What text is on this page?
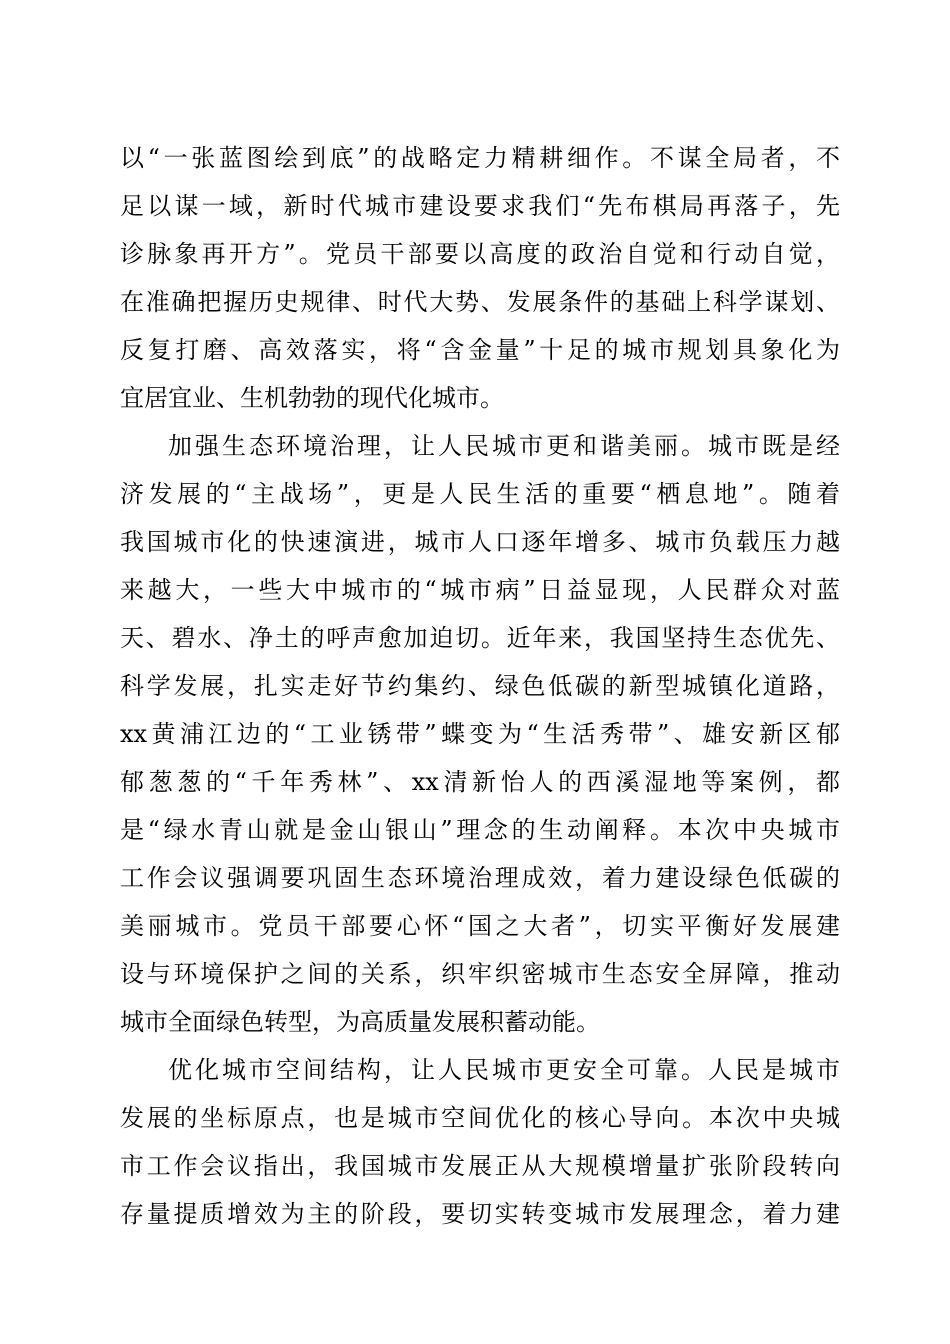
以“一张蓝图绘到底”的战略定力精耕细作。不谋全局者，不
足以谋一域，新时代城市建设要求我们“先布棋局再落子，先
诊脉象再开方”。党员干部要以高度的政治自觉和行动自觉，
在准确把握历史规律、时代大势、发展条件的基础上科学谋划、
反复打磨、高效落实，将“含金量”十足的城市规划具象化为
宜居宜业、生机勃勃的现代化城市。
加强生态环境治理，让人民城市更和谐美丽。城市既是经
济发展的“主战场”，更是人民生活的重要“栖息地”。随着
我国城市化的快速演进，城市人口逐年增多、城市负载压力越
来越大，一些大中城市的“城市病”日益显现，人民群众对蓝
天、碧水、净土的呼声愈加迫切。近年来，我国坚持生态优先、
科学发展，扎实走好节约集约、绿色低碳的新型城镇化道路，
xx黄浦江边的“工业锈带”蝶变为“生活秀带”、雄安新区郁
郁葱葱的“千年秀林”、xx清新怡人的西溪湿地等案例，都
是“绿水青山就是金山银山”理念的生动阐释。本次中央城市
工作会议强调要巩固生态环境治理成效，着力建设绿色低碳的
美丽城市。党员干部要心怀“国之大者”，切实平衡好发展建
设与环境保护之间的关系，织牢织密城市生态安全屏障，推动
城市全面绿色转型，为高质量发展积蓄动能。
优化城市空间结构，让人民城市更安全可靠。人民是城市
发展的坐标原点，也是城市空间优化的核心导向。本次中央城
市工作会议指出，我国城市发展正从大规模增量扩张阶段转向
存量提质增效为主的阶段，要切实转变城市发展理念，着力建
